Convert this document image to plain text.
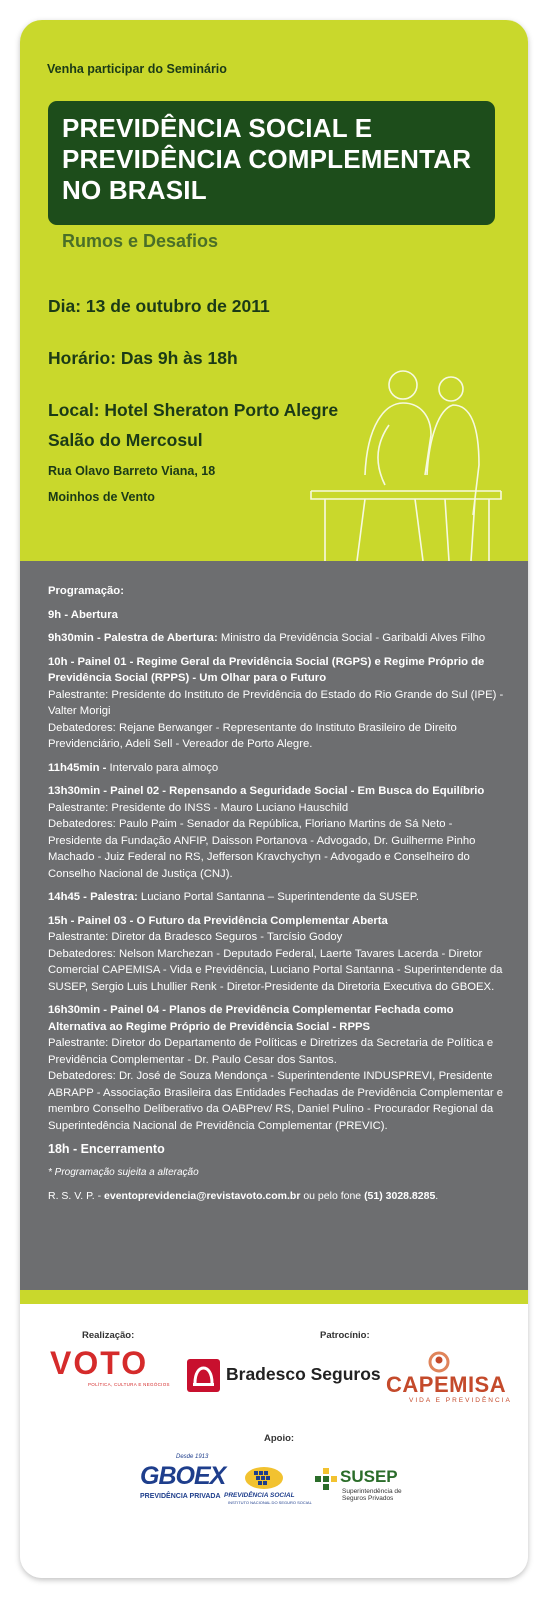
Venha participar do Seminário
PREVIDÊNCIA SOCIAL E
PREVIDÊNCIA COMPLEMENTAR
NO BRASIL
Rumos e Desafios
Dia: 13 de outubro de 2011
Horário: Das 9h às 18h
Local: Hotel Sheraton Porto Alegre
Salão do Mercosul
Rua Olavo Barreto Viana, 18
Moinhos de Vento

Programação:

9h - Abertura

9h30min - Palestra de Abertura: Ministro da Previdência Social - Garibaldi Alves Filho

10h - Painel 01 - Regime Geral da Previdência Social (RGPS) e Regime Próprio de Previdência Social (RPPS) - Um Olhar para o Futuro
Palestrante: Presidente do Instituto de Previdência do Estado do Rio Grande do Sul (IPE) - Valter Morigi
Debatedores: Rejane Berwanger - Representante do Instituto Brasileiro de Direito Previdenciário, Adeli Sell - Vereador de Porto Alegre.

11h45min - Intervalo para almoço

13h30min - Painel 02 - Repensando a Seguridade Social - Em Busca do Equilíbrio
Palestrante: Presidente do INSS - Mauro Luciano Hauschild
Debatedores: Paulo Paim - Senador da República, Floriano Martins de Sá Neto - Presidente da Fundação ANFIP, Daisson Portanova - Advogado, Dr. Guilherme Pinho Machado - Juiz Federal no RS, Jefferson Kravchychyn - Advogado e Conselheiro do Conselho Nacional de Justiça (CNJ).

14h45 - Palestra: Luciano Portal Santanna – Superintendente da SUSEP.

15h - Painel 03 - O Futuro da Previdência Complementar Aberta
Palestrante: Diretor da Bradesco Seguros - Tarcísio Godoy
Debatedores: Nelson Marchezan - Deputado Federal, Laerte Tavares Lacerda - Diretor Comercial CAPEMISA - Vida e Previdência, Luciano Portal Santanna - Superintendente da SUSEP, Sergio Luis Lhullier Renk - Diretor-Presidente da Diretoria Executiva do GBOEX.

16h30min - Painel 04 - Planos de Previdência Complementar Fechada como Alternativa ao Regime Próprio de Previdência Social - RPPS
Palestrante: Diretor do Departamento de Políticas e Diretrizes da Secretaria de Política e Previdência Complementar - Dr. Paulo Cesar dos Santos.
Debatedores: Dr. José de Souza Mendonça - Superintendente INDUSPREVI, Presidente ABRAPP - Associação Brasileira das Entidades Fechadas de Previdência Complementar e membro Conselho Deliberativo da OABPrev/ RS, Daniel Pulino - Procurador Regional da Superintedência Nacional de Previdência Complementar (PREVIC).

18h - Encerramento

* Programação sujeita a alteração

R. S. V. P. - eventoprevidencia@revistavoto.com.br ou pelo fone (51) 3028.8285.

Realização:	Patrocínio:
VOTO
POLÍTICA, CULTURA E NEGÓCIOS
Bradesco Seguros CAPEMISA
VIDA E PREVIDÊNCIA
Apoio:
Desde 1913
GBOEX
PREVIDÊNCIA PRIVADA PREVIDÊNCIA SOCIAL
INSTITUTO NACIONAL DO SEGURO SOCIAL
SUSEP
Superintendência de Seguros Privados
